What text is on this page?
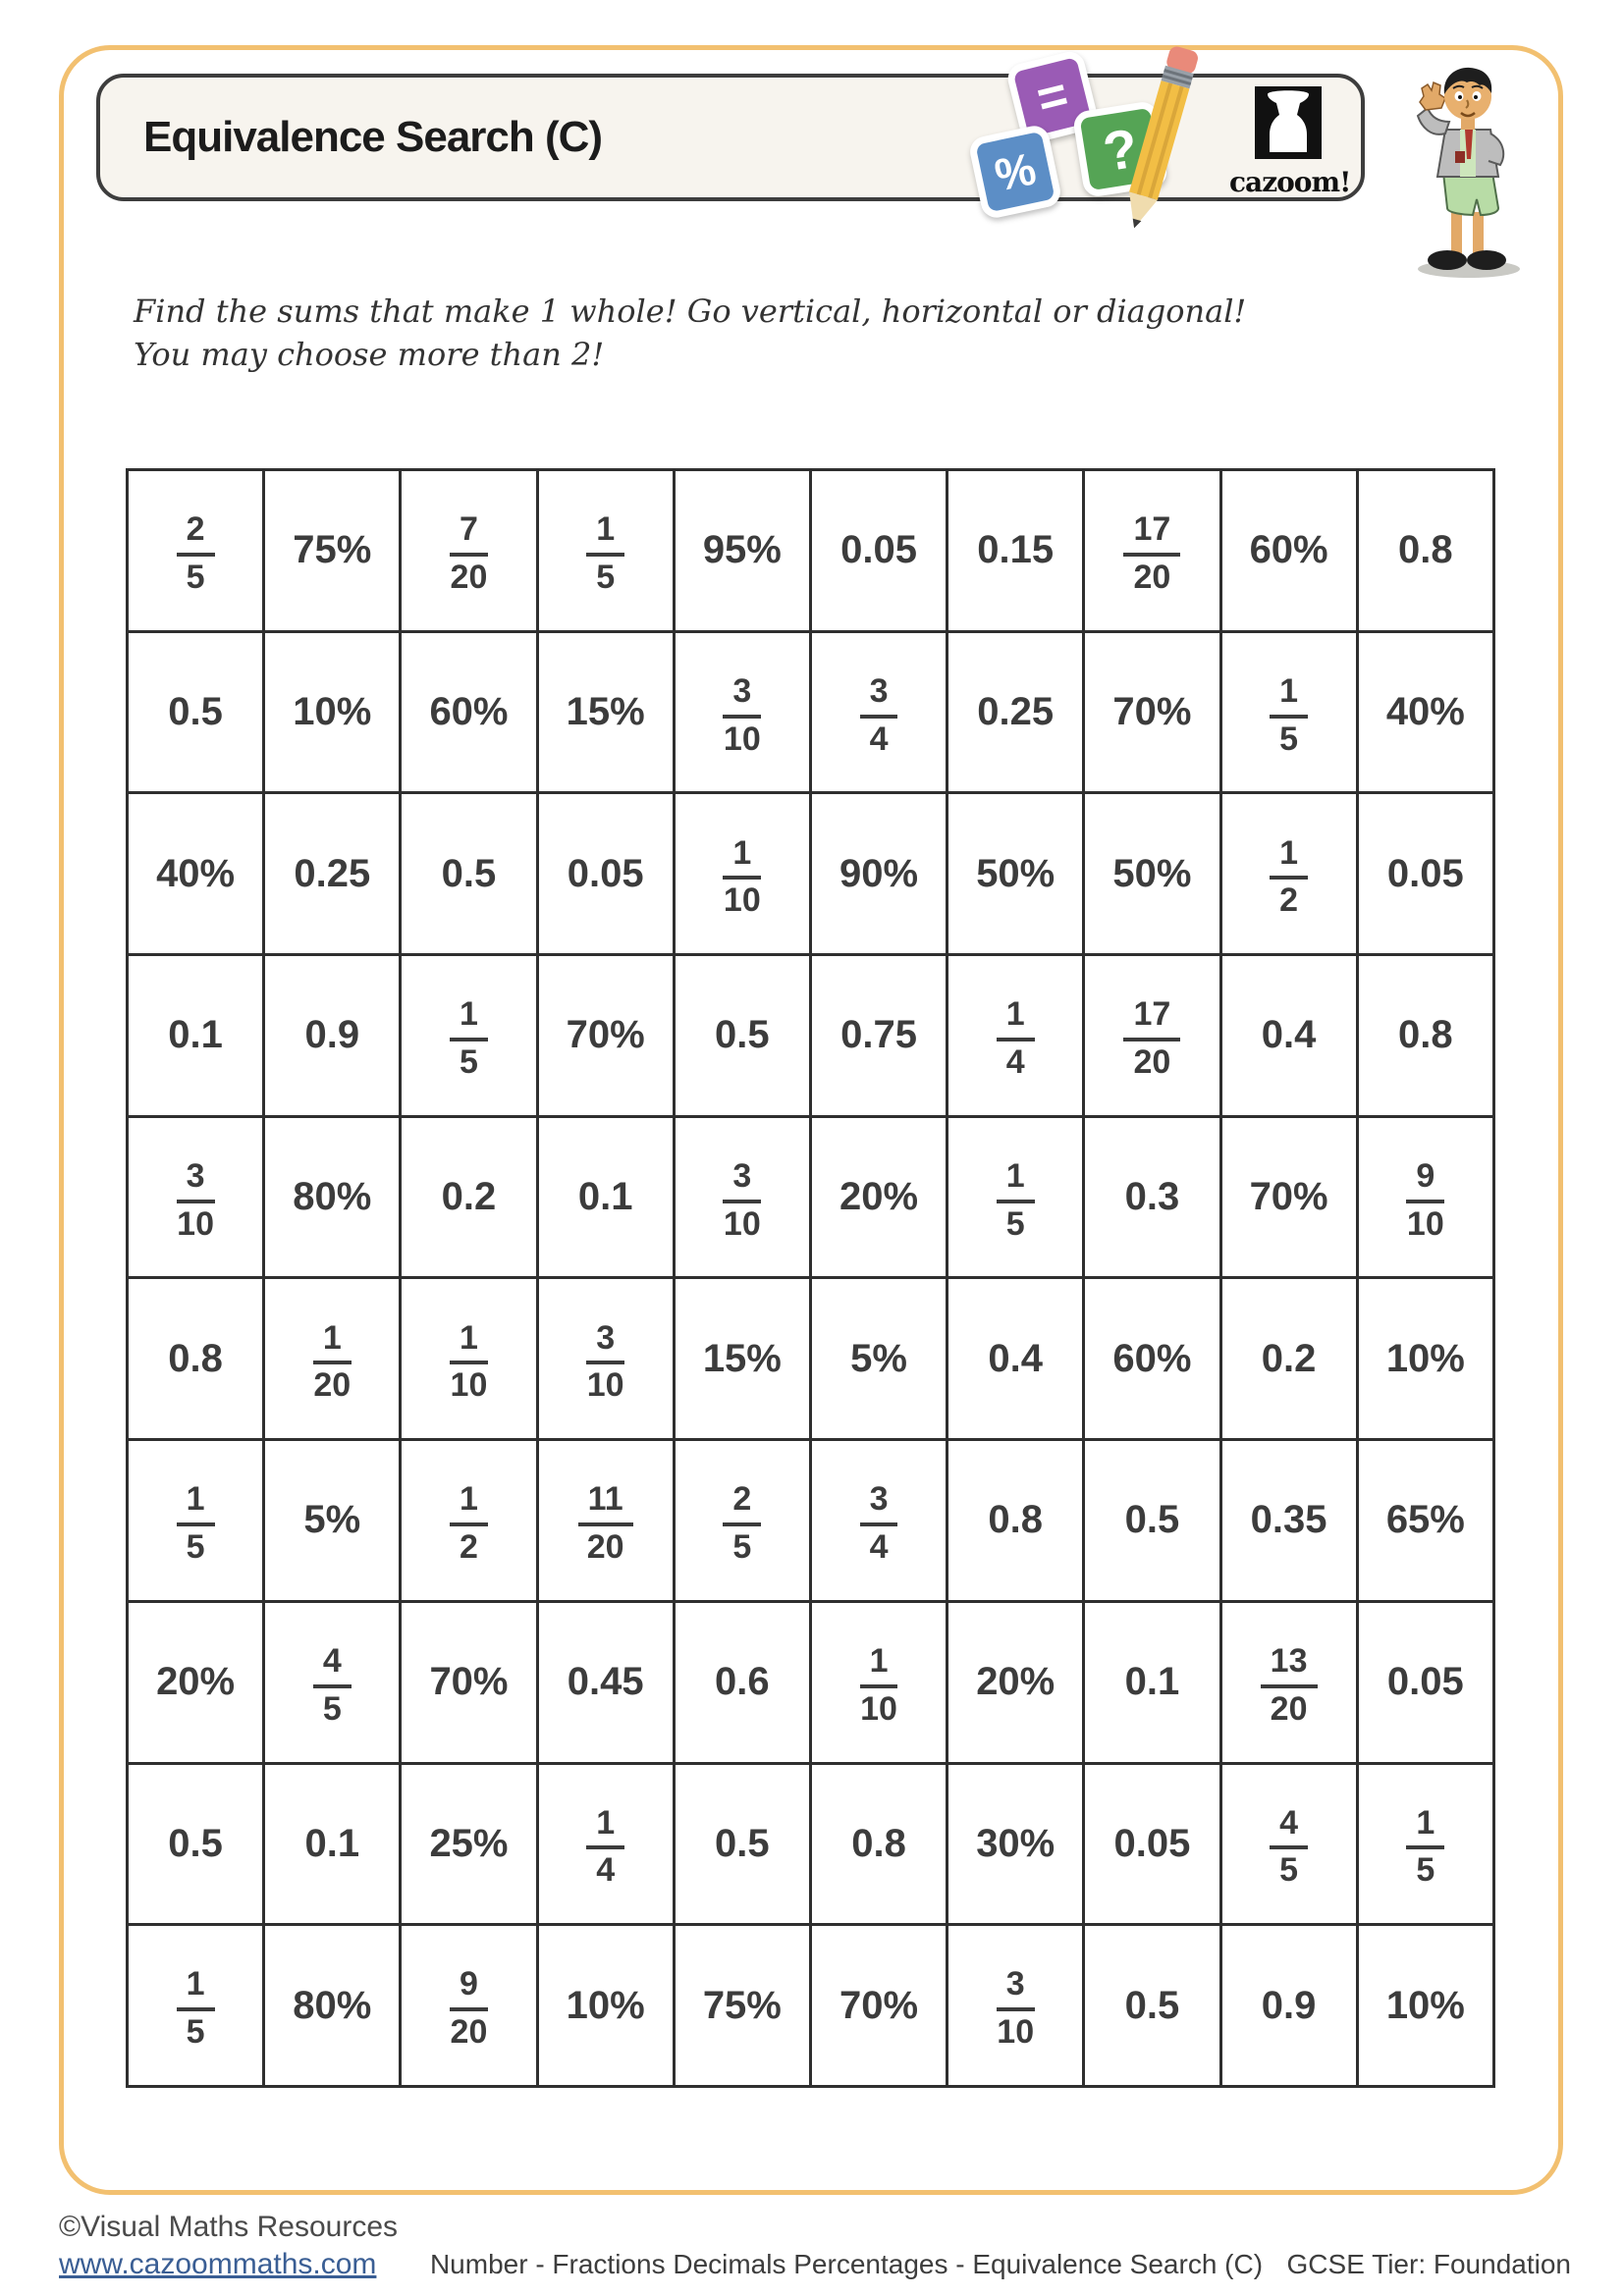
Equivalence Search (C)
=
?
%	cazoom!
Find the sums that make 1 whole! Go vertical, horizontal or diagonal!
You may choose more than 2!
$\frac{2}{5}$	75%	$\frac{7}{20}$	$\frac{1}{5}$	95%	0.05	0.15	$\frac{17}{20}$	60%	0.8
0.5	10%	60%	15%	$\frac{3}{10}$	$\frac{3}{4}$	0.25	70%	$\frac{1}{5}$	40%
40%	0.25	0.5	0.05	$\frac{1}{10}$	90%	50%	50%	$\frac{1}{2}$	0.05
0.1	0.9	$\frac{1}{5}$	70%	0.5	0.75	$\frac{1}{4}$	$\frac{17}{20}$	0.4	0.8

$\frac{3}{10}$	80%	0.2	0.1	$\frac{3}{10}$	20%	$\frac{1}{5}$	0.3	70%	$\frac{9}{10}$

0.8	$\frac{1}{20}$	$\frac{1}{10}$	$\frac{3}{10}$	15%	5%	0.4	60%	0.2	10%

$\frac{1}{5}$	5%	$\frac{1}{2}$	$\frac{11}{20}$	$\frac{2}{5}$	$\frac{3}{4}$	0.8	0.5	0.35	65%
20%	$\frac{4}{5}$	70%	0.45	0.6	$\frac{1}{10}$	20%	0.1	$\frac{13}{20}$	0.05
0.5	0.1	25%	$\frac{1}{4}$	0.5	0.8	30%	0.05	$\frac{4}{5}$	$\frac{1}{5}$

$\frac{1}{5}$	80%	$\frac{9}{20}$	10%	75%	70%	$\frac{3}{10}$	0.5	0.9	10%
©Visual Maths Resources
www.cazoommaths.com	Number - Fractions Decimals Percentages - Equivalence Search (C) GCSE Tier: Foundation
